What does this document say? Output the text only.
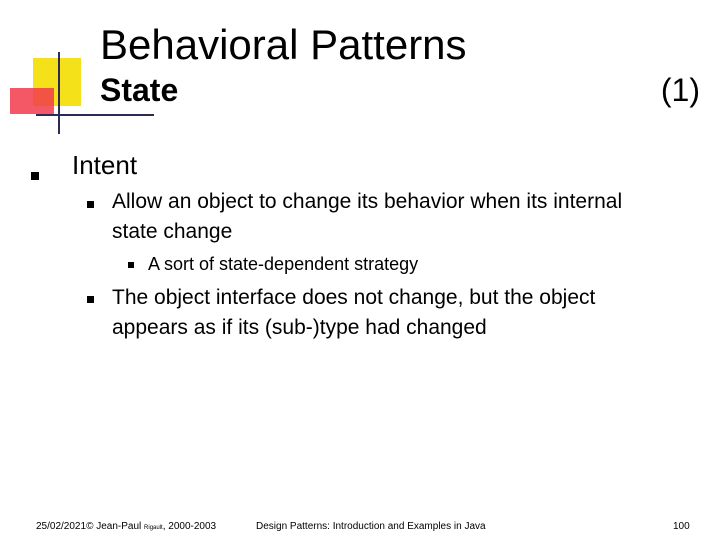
Behavioral Patterns
State	(1)
Intent
Allow an object to change its behavior when its internal
state change
A sort of state-dependent strategy
The object interface does not change, but the object
appears as if its (sub-)type had changed
25/02/2021© Jean-Paul Rigault, 2000-2003	Design Patterns: Introduction and Examples in Java	100
